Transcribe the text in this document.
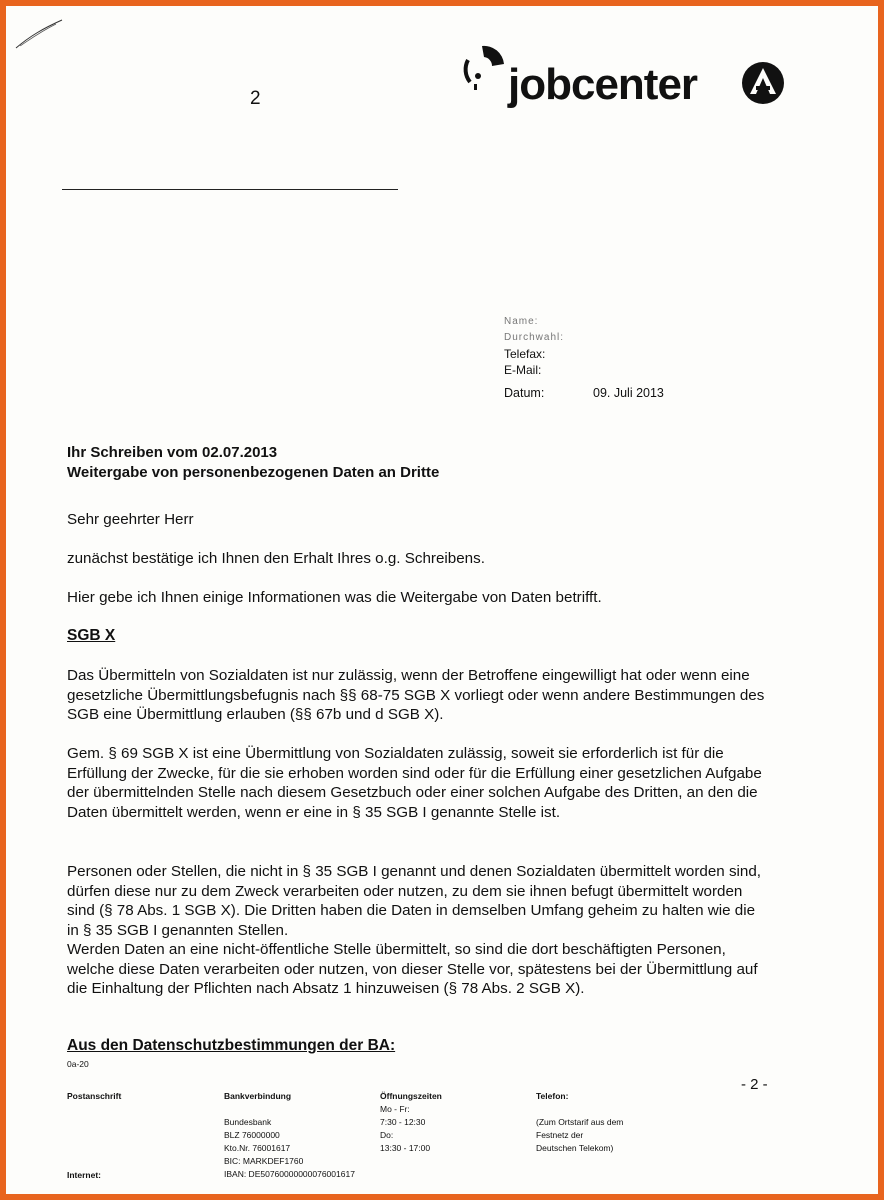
2	jobcenter
Name:
Durchwahl:
Telefax:
E-Mail:
Datum:	09. Juli 2013
Ihr Schreiben vom 02.07.2013
Weitergabe von personenbezogenen Daten an Dritte
Sehr geehrter Herr
zunächst bestätige ich Ihnen den Erhalt Ihres o.g. Schreibens.
Hier gebe ich Ihnen einige Informationen was die Weitergabe von Daten betrifft.
SGB X
Das Übermitteln von Sozialdaten ist nur zulässig, wenn der Betroffene eingewilligt hat oder wenn eine gesetzliche Übermittlungsbefugnis nach §§ 68-75 SGB X vorliegt oder wenn andere Bestimmungen des SGB eine Übermittlung erlauben (§§ 67b und d SGB X).
Gem. § 69 SGB X ist eine Übermittlung von Sozialdaten zulässig, soweit sie erforderlich ist für die Erfüllung der Zwecke, für die sie erhoben worden sind oder für die Erfüllung einer gesetzlichen Aufgabe der übermittelnden Stelle nach diesem Gesetzbuch oder einer solchen Aufgabe des Dritten, an den die Daten übermittelt werden, wenn er eine in § 35 SGB I genannte Stelle ist.
Personen oder Stellen, die nicht in § 35 SGB I genannt und denen Sozialdaten übermittelt worden sind, dürfen diese nur zu dem Zweck verarbeiten oder nutzen, zu dem sie ihnen befugt übermittelt worden sind (§ 78 Abs. 1 SGB X). Die Dritten haben die Daten in demselben Umfang geheim zu halten wie die in § 35 SGB I genannten Stellen.
Werden Daten an eine nicht-öffentliche Stelle übermittelt, so sind die dort beschäftigten Personen, welche diese Daten verarbeiten oder nutzen, von dieser Stelle vor, spätestens bei der Übermittlung auf die Einhaltung der Pflichten nach Absatz 1 hinzuweisen (§ 78 Abs. 2 SGB X).
Aus den Datenschutzbestimmungen der BA:
0a-20
- 2 -
Postanschrift
Internet:
Bankverbindung
Bundesbank
BLZ 76000000
Kto.Nr. 76001617
BIC: MARKDEF1760
IBAN: DE50760000000076001617
Öffnungszeiten
Mo - Fr:
7:30 - 12:30
Do:
13:30 - 17:00
Telefon:
(Zum Ortstarif aus dem
Festnetz der
Deutschen Telekom)
